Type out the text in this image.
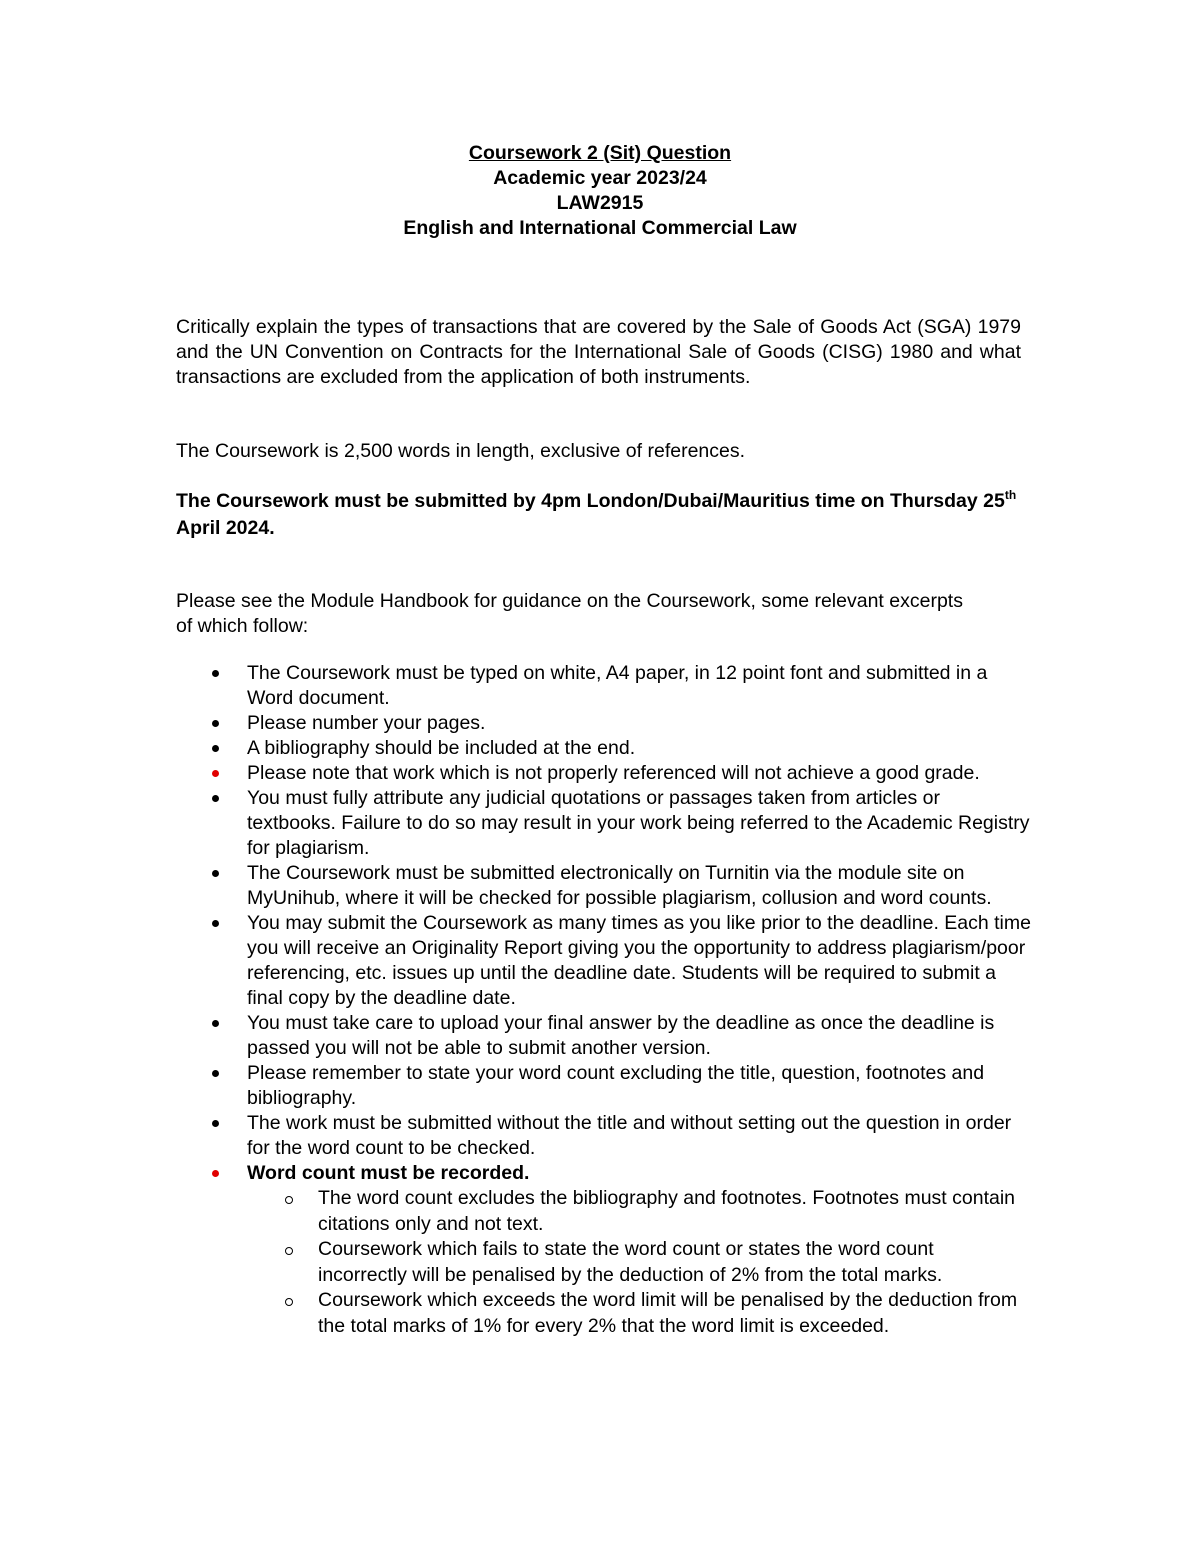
Coursework 2 (Sit) Question
Academic year 2023/24
LAW2915
English and International Commercial Law
Critically explain the types of transactions that are covered by the Sale of Goods Act (SGA) 1979 and the UN Convention on Contracts for the International Sale of Goods (CISG) 1980 and what transactions are excluded from the application of both instruments.
The Coursework is 2,500 words in length, exclusive of references.
The Coursework must be submitted by 4pm London/Dubai/Mauritius time on Thursday 25th April 2024.
Please see the Module Handbook for guidance on the Coursework, some relevant excerpts of which follow:
The Coursework must be typed on white, A4 paper, in 12 point font and submitted in a Word document.
Please number your pages.
A bibliography should be included at the end.
Please note that work which is not properly referenced will not achieve a good grade.
You must fully attribute any judicial quotations or passages taken from articles or textbooks. Failure to do so may result in your work being referred to the Academic Registry for plagiarism.
The Coursework must be submitted electronically on Turnitin via the module site on MyUnihub, where it will be checked for possible plagiarism, collusion and word counts.
You may submit the Coursework as many times as you like prior to the deadline. Each time you will receive an Originality Report giving you the opportunity to address plagiarism/poor referencing, etc. issues up until the deadline date. Students will be required to submit a final copy by the deadline date.
You must take care to upload your final answer by the deadline as once the deadline is passed you will not be able to submit another version.
Please remember to state your word count excluding the title, question, footnotes and bibliography.
The work must be submitted without the title and without setting out the question in order for the word count to be checked.
Word count must be recorded.
The word count excludes the bibliography and footnotes. Footnotes must contain citations only and not text.
Coursework which fails to state the word count or states the word count incorrectly will be penalised by the deduction of 2% from the total marks.
Coursework which exceeds the word limit will be penalised by the deduction from the total marks of 1% for every 2% that the word limit is exceeded.
